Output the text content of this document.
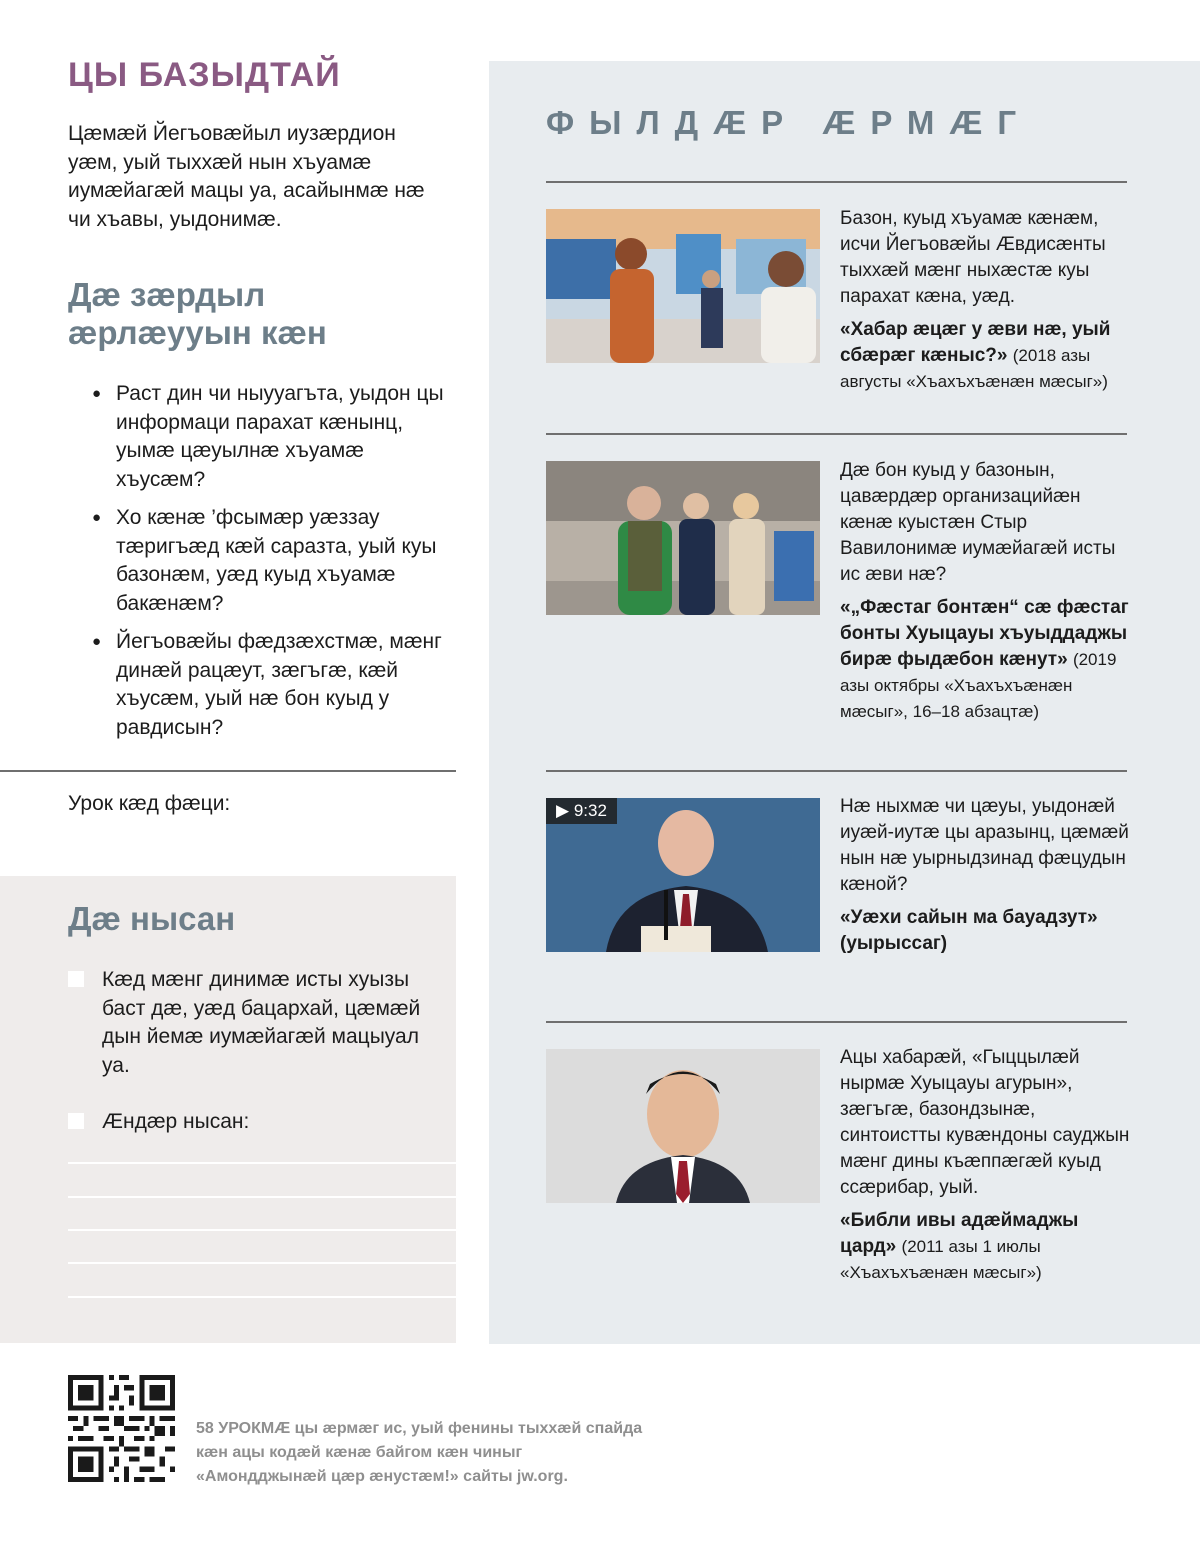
ЦЫ БАЗЫДТАЙ

Цæмæй Йегъовæйыл иузæрдион уæм, уый тыххæй нын хъуамæ иумæйагæй мацы уа, асайынмæ нæ чи хъавы, уыдонимæ.

Дæ зæрдыл æрлæууын кæн
● Раст дин чи ныууагъта, уыдон цы информаци парахат кæнынц, уымæ цæуылнæ хъуамæ хъусæм?
● Хо кæнæ ’фсымæр уæззау тæригъæд кæй саразта, уый куы базонæм, уæд куыд хъуамæ бакæнæм?
● Йегъовæйы фæдзæхстмæ, мæнг динæй рацæут, зæгъгæ, кæй хъусæм, уый нæ бон куыд у равдисын?

Урок кæд фæци:

Дæ нысан
Кæд мæнг динимæ исты хуызы баст дæ, уæд бацархай, цæмæй дын йемæ иумæйагæй мацыуал уа.
Æндæр нысан:
ФЫЛДÆР ÆРМÆГ

Базон, куыд хъуамæ кæнæм, исчи Йегъовæйы Æвдисæнты тыххæй мæнг ныхæстæ куы парахат кæна, уæд.

«Хабар æцæг у æви нæ, уый сбæрæг кæныс?» (2018 азы августы «Хъахъхъæнæн мæсыг»)

Дæ бон куыд у базонын, цавæрдæр организацийæн кæнæ куыстæн Стыр Вавилонимæ иумæйагæй исты ис æви нæ?

«„Фæстаг бонтæн“ сæ фæстаг бонты Хуыцауы хъуыддаджы бирæ фыдæбон кæнут» (2019 азы октябры «Хъахъхъæнæн мæсыг», 16–18 абзацтæ)

▶ 9:32	Нæ ныхмæ чи цæуы, уыдонæй иуæй-иутæ цы аразынц, цæмæй нын нæ уырныдзинад фæцудын кæной?

«Уæхи сайын ма бауадзут»
(уырыссаг)

Ацы хабарæй, «Гыццылæй нырмæ Хуыцауы агурын», зæгъгæ, базондзынæ, синтоистты кувæндоны сауджын мæнг дины къæппæгæй куыд ссæрибар, уый.

«Библи ивы адæймаджы цард» (2011 азы 1 июлы «Хъахъхъæнæн мæсыг»)

58 УРОКМÆ цы æрмæг ис, уый фенины тыххæй спайда кæн ацы кодæй кæнæ байгом кæн чиныг «Амондджынæй цæр æнустæм!» сайты jw.org.
